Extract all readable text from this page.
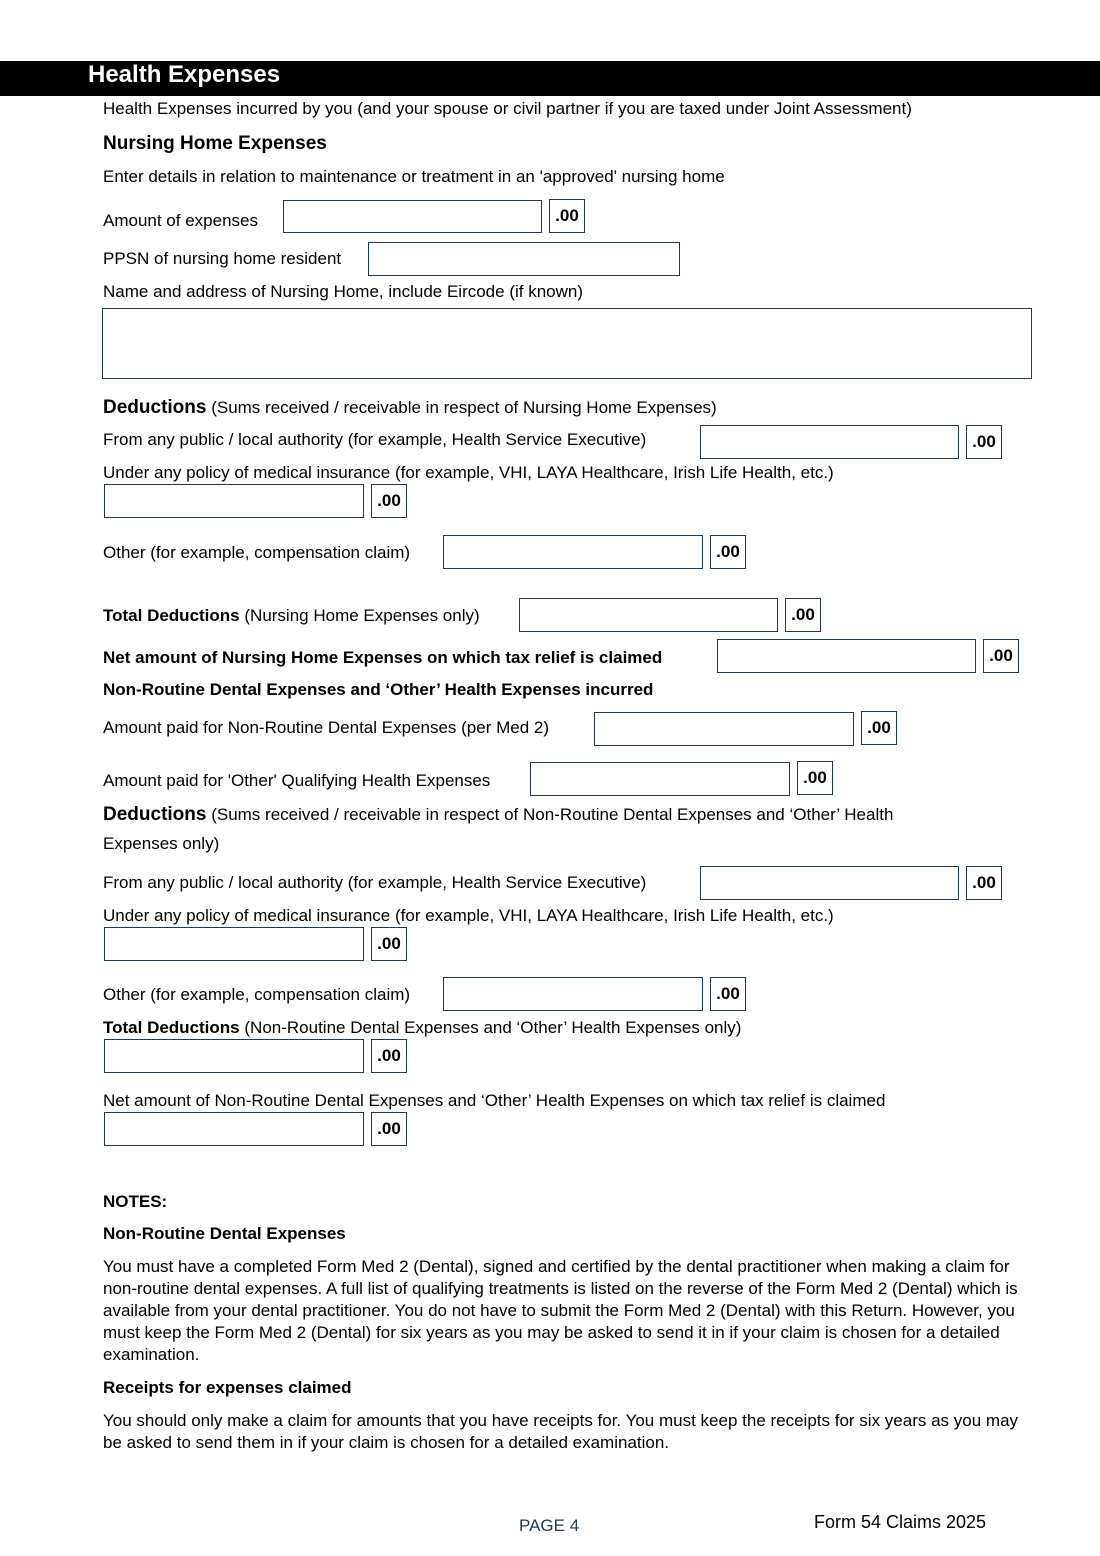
Health Expenses
Health Expenses incurred by you (and your spouse or civil partner if you are taxed under Joint Assessment)
Nursing Home Expenses
Enter details in relation to maintenance or treatment in an 'approved' nursing home
Amount of expenses	.00
PPSN of nursing home resident
Name and address of Nursing Home, include Eircode (if known)
Deductions (Sums received / receivable in respect of Nursing Home Expenses)
From any public / local authority (for example, Health Service Executive)	.00
Under any policy of medical insurance (for example, VHI, LAYA Healthcare, Irish Life Health, etc.)
.00
Other (for example, compensation claim)	.00
Total Deductions (Nursing Home Expenses only)	.00
Net amount of Nursing Home Expenses on which tax relief is claimed	.00
Non-Routine Dental Expenses and ‘Other’ Health Expenses incurred
Amount paid for Non-Routine Dental Expenses (per Med 2)	.00
Amount paid for 'Other' Qualifying Health Expenses	.00
Deductions (Sums received / receivable in respect of Non-Routine Dental Expenses and ‘Other’ Health
Expenses only)
From any public / local authority (for example, Health Service Executive)	.00
Under any policy of medical insurance (for example, VHI, LAYA Healthcare, Irish Life Health, etc.)
.00
Other (for example, compensation claim)	.00
Total Deductions (Non-Routine Dental Expenses and ‘Other’ Health Expenses only)
.00
Net amount of Non-Routine Dental Expenses and ‘Other’ Health Expenses on which tax relief is claimed
.00
NOTES:
Non-Routine Dental Expenses
You must have a completed Form Med 2 (Dental), signed and certified by the dental practitioner when making a claim for non-routine dental expenses. A full list of qualifying treatments is listed on the reverse of the Form Med 2 (Dental) which is available from your dental practitioner. You do not have to submit the Form Med 2 (Dental) with this Return. However, you must keep the Form Med 2 (Dental) for six years as you may be asked to send it in if your claim is chosen for a detailed examination.
Receipts for expenses claimed
You should only make a claim for amounts that you have receipts for. You must keep the receipts for six years as you may be asked to send them in if your claim is chosen for a detailed examination.
PAGE 4	Form 54 Claims 2025
